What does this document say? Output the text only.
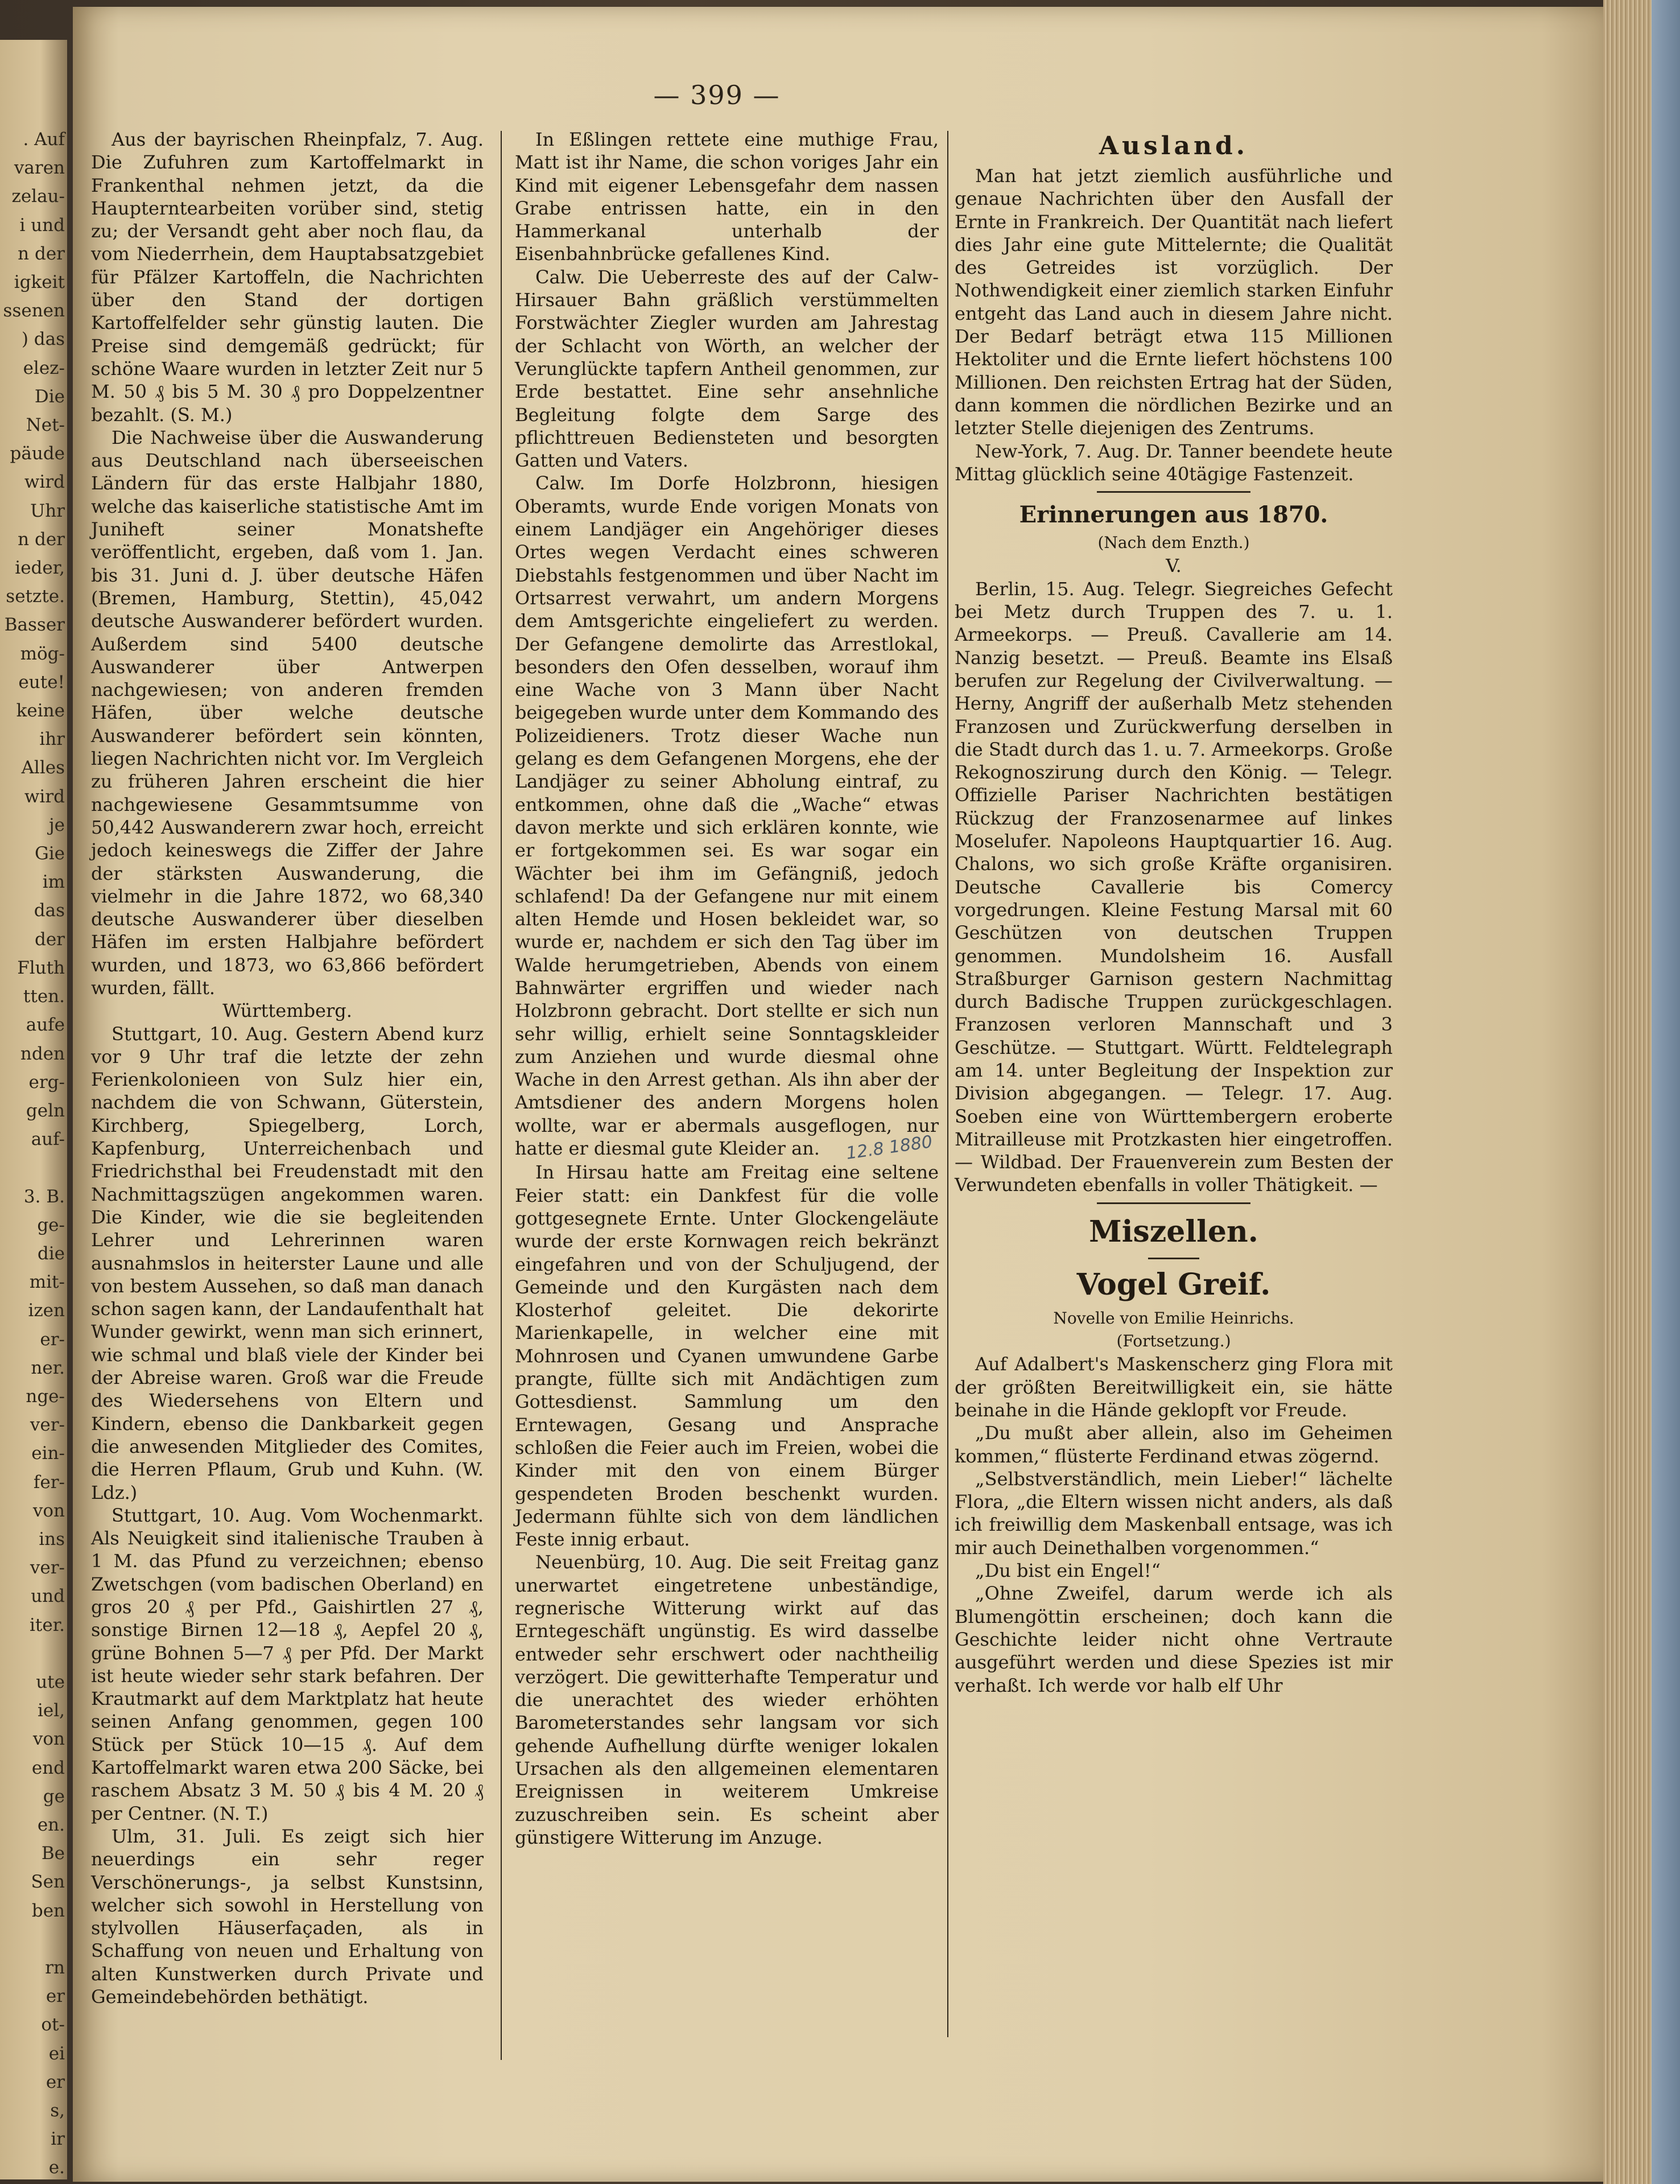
. Auf
varen
zelau-
i und
n der
igkeit
ssenen
) das
elez-
Die
Net-
päude
wird
Uhr
n der
ieder,
setzte.
Basser
mög-
eute!
keine
ihr
Alles
wird
je
Gie
im
das
der
Fluth
tten.
aufe
nden
erg-
geln
auf-

3. B.
ge-
die
mit-
izen
er-
ner.
nge-
ver-
ein-
fer-
von
ins
ver-
und
iter.

ute
iel,
von
end
ge
en.
Be
Sen
ben

rn
er
ot-
ei
er
s,
ir
e.
— 399 —

Aus der bayrischen Rheinpfalz, 7. Aug. Die Zufuhren zum Kartoffelmarkt in Frankenthal nehmen jetzt, da die Haupterntearbeiten vorüber sind, stetig zu; der Versandt geht aber noch flau, da vom Niederrhein, dem Hauptabsatzgebiet für Pfälzer Kartoffeln, die Nachrichten über den Stand der dortigen Kartoffelfelder sehr günstig lauten. Die Preise sind demgemäß gedrückt; für schöne Waare wurden in letzter Zeit nur 5 M. 50 ₰ bis 5 M. 30 ₰ pro Doppelzentner bezahlt. (S. M.)

Die Nachweise über die Auswanderung aus Deutschland nach überseeischen Ländern für das erste Halbjahr 1880, welche das kaiserliche statistische Amt im Juniheft seiner Monatshefte veröffentlicht, ergeben, daß vom 1. Jan. bis 31. Juni d. J. über deutsche Häfen (Bremen, Hamburg, Stettin), 45,042 deutsche Auswanderer befördert wurden. Außerdem sind 5400 deutsche Auswanderer über Antwerpen nachgewiesen; von anderen fremden Häfen, über welche deutsche Auswanderer befördert sein könnten, liegen Nachrichten nicht vor. Im Vergleich zu früheren Jahren erscheint die hier nachgewiesene Gesammtsumme von 50,442 Auswanderern zwar hoch, erreicht jedoch keineswegs die Ziffer der Jahre der stärksten Auswanderung, die vielmehr in die Jahre 1872, wo 68,340 deutsche Auswanderer über dieselben Häfen im ersten Halbjahre befördert wurden, und 1873, wo 63,866 befördert wurden, fällt.

Württemberg.

Stuttgart, 10. Aug. Gestern Abend kurz vor 9 Uhr traf die letzte der zehn Ferienkolonieen von Sulz hier ein, nachdem die von Schwann, Güterstein, Kirchberg, Spiegelberg, Lorch, Kapfenburg, Unterreichenbach und Friedrichsthal bei Freudenstadt mit den Nachmittagszügen angekommen waren. Die Kinder, wie die sie begleitenden Lehrer und Lehrerinnen waren ausnahmslos in heiterster Laune und alle von bestem Aussehen, so daß man danach schon sagen kann, der Landaufenthalt hat Wunder gewirkt, wenn man sich erinnert, wie schmal und blaß viele der Kinder bei der Abreise waren. Groß war die Freude des Wiedersehens von Eltern und Kindern, ebenso die Dankbarkeit gegen die anwesenden Mitglieder des Comites, die Herren Pflaum, Grub und Kuhn. (W. Ldz.)

Stuttgart, 10. Aug. Vom Wochenmarkt. Als Neuigkeit sind italienische Trauben à 1 M. das Pfund zu verzeichnen; ebenso Zwetschgen (vom badischen Oberland) en gros 20 ₰ per Pfd., Gaishirtlen 27 ₰, sonstige Birnen 12—18 ₰, Aepfel 20 ₰, grüne Bohnen 5—7 ₰ per Pfd. Der Markt ist heute wieder sehr stark befahren. Der Krautmarkt auf dem Marktplatz hat heute seinen Anfang genommen, gegen 100 Stück per Stück 10—15 ₰. Auf dem Kartoffelmarkt waren etwa 200 Säcke, bei raschem Absatz 3 M. 50 ₰ bis 4 M. 20 ₰ per Centner. (N. T.)

Ulm, 31. Juli. Es zeigt sich hier neuerdings ein sehr reger Verschönerungs-, ja selbst Kunstsinn, welcher sich sowohl in Herstellung von stylvollen Häuserfaçaden, als in Schaffung von neuen und Erhaltung von alten Kunstwerken durch Private und Gemeindebehörden bethätigt.

In Eßlingen rettete eine muthige Frau, Matt ist ihr Name, die schon voriges Jahr ein Kind mit eigener Lebensgefahr dem nassen Grabe entrissen hatte, ein in den Hammerkanal unterhalb der Eisenbahnbrücke gefallenes Kind.

Calw. Die Ueberreste des auf der Calw-Hirsauer Bahn gräßlich verstümmelten Forstwächter Ziegler wurden am Jahrestag der Schlacht von Wörth, an welcher der Verunglückte tapfern Antheil genommen, zur Erde bestattet. Eine sehr ansehnliche Begleitung folgte dem Sarge des pflichttreuen Bediensteten und besorgten Gatten und Vaters.

Calw. Im Dorfe Holzbronn, hiesigen Oberamts, wurde Ende vorigen Monats von einem Landjäger ein Angehöriger dieses Ortes wegen Verdacht eines schweren Diebstahls festgenommen und über Nacht im Ortsarrest verwahrt, um andern Morgens dem Amtsgerichte eingeliefert zu werden. Der Gefangene demolirte das Arrestlokal, besonders den Ofen desselben, worauf ihm eine Wache von 3 Mann über Nacht beigegeben wurde unter dem Kommando des Polizeidieners. Trotz dieser Wache nun gelang es dem Gefangenen Morgens, ehe der Landjäger zu seiner Abholung eintraf, zu entkommen, ohne daß die „Wache“ etwas davon merkte und sich erklären konnte, wie er fortgekommen sei. Es war sogar ein Wächter bei ihm im Gefängniß, jedoch schlafend! Da der Gefangene nur mit einem alten Hemde und Hosen bekleidet war, so wurde er, nachdem er sich den Tag über im Walde herumgetrieben, Abends von einem Bahnwärter ergriffen und wieder nach Holzbronn gebracht. Dort stellte er sich nun sehr willig, erhielt seine Sonntagskleider zum Anziehen und wurde diesmal ohne Wache in den Arrest gethan. Als ihn aber der Amtsdiener des andern Morgens holen wollte, war er abermals ausgeflogen, nur hatte er diesmal gute Kleider an. 12.8 1880

In Hirsau hatte am Freitag eine seltene Feier statt: ein Dankfest für die volle gottgesegnete Ernte. Unter Glockengeläute wurde der erste Kornwagen reich bekränzt eingefahren und von der Schuljugend, der Gemeinde und den Kurgästen nach dem Klosterhof geleitet. Die dekorirte Marienkapelle, in welcher eine mit Mohnrosen und Cyanen umwundene Garbe prangte, füllte sich mit Andächtigen zum Gottesdienst. Sammlung um den Erntewagen, Gesang und Ansprache schloßen die Feier auch im Freien, wobei die Kinder mit den von einem Bürger gespendeten Broden beschenkt wurden. Jedermann fühlte sich von dem ländlichen Feste innig erbaut.

Neuenbürg, 10. Aug. Die seit Freitag ganz unerwartet eingetretene unbeständige, regnerische Witterung wirkt auf das Erntegeschäft ungünstig. Es wird dasselbe entweder sehr erschwert oder nachtheilig verzögert. Die gewitterhafte Temperatur und die unerachtet des wieder erhöhten Barometerstandes sehr langsam vor sich gehende Aufhellung dürfte weniger lokalen Ursachen als den allgemeinen elementaren Ereignissen in weiterem Umkreise zuzuschreiben sein. Es scheint aber günstigere Witterung im Anzuge.

Ausland.

Man hat jetzt ziemlich ausführliche und genaue Nachrichten über den Ausfall der Ernte in Frankreich. Der Quantität nach liefert dies Jahr eine gute Mittelernte; die Qualität des Getreides ist vorzüglich. Der Nothwendigkeit einer ziemlich starken Einfuhr entgeht das Land auch in diesem Jahre nicht. Der Bedarf beträgt etwa 115 Millionen Hektoliter und die Ernte liefert höchstens 100 Millionen. Den reichsten Ertrag hat der Süden, dann kommen die nördlichen Bezirke und an letzter Stelle diejenigen des Zentrums.

New-York, 7. Aug. Dr. Tanner beendete heute Mittag glücklich seine 40tägige Fastenzeit.

Erinnerungen aus 1870.

(Nach dem Enzth.)

V.

Berlin, 15. Aug. Telegr. Siegreiches Gefecht bei Metz durch Truppen des 7. u. 1. Armeekorps. — Preuß. Cavallerie am 14. Nanzig besetzt. — Preuß. Beamte ins Elsaß berufen zur Regelung der Civilverwaltung. — Herny, Angriff der außerhalb Metz stehenden Franzosen und Zurückwerfung derselben in die Stadt durch das 1. u. 7. Armeekorps. Große Rekognoszirung durch den König. — Telegr. Offizielle Pariser Nachrichten bestätigen Rückzug der Franzosenarmee auf linkes Moselufer. Napoleons Hauptquartier 16. Aug. Chalons, wo sich große Kräfte organisiren. Deutsche Cavallerie bis Comercy vorgedrungen. Kleine Festung Marsal mit 60 Geschützen von deutschen Truppen genommen. Mundolsheim 16. Ausfall Straßburger Garnison gestern Nachmittag durch Badische Truppen zurückgeschlagen. Franzosen verloren Mannschaft und 3 Geschütze. — Stuttgart. Württ. Feldtelegraph am 14. unter Begleitung der Inspektion zur Division abgegangen. — Telegr. 17. Aug. Soeben eine von Württembergern eroberte Mitrailleuse mit Protzkasten hier eingetroffen. — Wildbad. Der Frauenverein zum Besten der Verwundeten ebenfalls in voller Thätigkeit. —

Miszellen.

Vogel Greif.

Novelle von Emilie Heinrichs.

(Fortsetzung.)

Auf Adalbert's Maskenscherz ging Flora mit der größten Bereitwilligkeit ein, sie hätte beinahe in die Hände geklopft vor Freude.

„Du mußt aber allein, also im Geheimen kommen,“ flüsterte Ferdinand etwas zögernd.

„Selbstverständlich, mein Lieber!“ lächelte Flora, „die Eltern wissen nicht anders, als daß ich freiwillig dem Maskenball entsage, was ich mir auch Deinethalben vorgenommen.“

„Du bist ein Engel!“

„Ohne Zweifel, darum werde ich als Blumengöttin erscheinen; doch kann die Geschichte leider nicht ohne Vertraute ausgeführt werden und diese Spezies ist mir verhaßt. Ich werde vor halb elf Uhr
